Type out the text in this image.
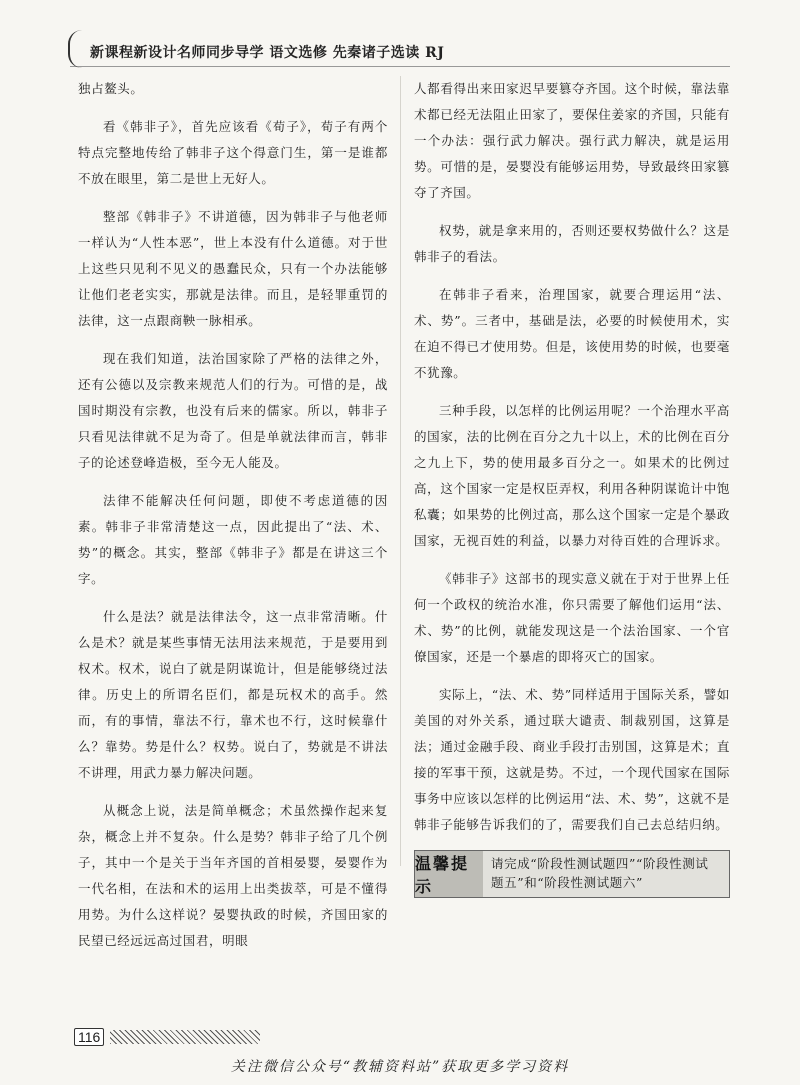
新课程新设计名师同步导学 语文选修 先秦诸子选读 RJ

独占鳌头。

看《韩非子》，首先应该看《荀子》，荀子有两个特点完整地传给了韩非子这个得意门生，第一是谁都不放在眼里，第二是世上无好人。

整部《韩非子》不讲道德，因为韩非子与他老师一样认为“人性本恶”，世上本没有什么道德。对于世上这些只见利不见义的愚蠢民众，只有一个办法能够让他们老老实实，那就是法律。而且，是轻罪重罚的法律，这一点跟商鞅一脉相承。

现在我们知道，法治国家除了严格的法律之外，还有公德以及宗教来规范人们的行为。可惜的是，战国时期没有宗教，也没有后来的儒家。所以，韩非子只看见法律就不足为奇了。但是单就法律而言，韩非子的论述登峰造极，至今无人能及。

法律不能解决任何问题，即使不考虑道德的因素。韩非子非常清楚这一点，因此提出了“法、术、势”的概念。其实，整部《韩非子》都是在讲这三个字。

什么是法？就是法律法令，这一点非常清晰。什么是术？就是某些事情无法用法来规范，于是要用到权术。权术，说白了就是阴谋诡计，但是能够绕过法律。历史上的所谓名臣们，都是玩权术的高手。然而，有的事情，靠法不行，靠术也不行，这时候靠什么？靠势。势是什么？权势。说白了，势就是不讲法不讲理，用武力暴力解决问题。

从概念上说，法是简单概念；术虽然操作起来复杂，概念上并不复杂。什么是势？韩非子给了几个例子，其中一个是关于当年齐国的首相晏婴，晏婴作为一代名相，在法和术的运用上出类拔萃，可是不懂得用势。为什么这样说？晏婴执政的时候，齐国田家的民望已经远远高过国君，明眼

人都看得出来田家迟早要篡夺齐国。这个时候，靠法靠术都已经无法阻止田家了，要保住姜家的齐国，只能有一个办法：强行武力解决。强行武力解决，就是运用势。可惜的是，晏婴没有能够运用势，导致最终田家篡夺了齐国。

权势，就是拿来用的，否则还要权势做什么？这是韩非子的看法。

在韩非子看来，治理国家，就要合理运用“法、术、势”。三者中，基础是法，必要的时候使用术，实在迫不得已才使用势。但是，该使用势的时候，也要毫不犹豫。

三种手段，以怎样的比例运用呢？一个治理水平高的国家，法的比例在百分之九十以上，术的比例在百分之九上下，势的使用最多百分之一。如果术的比例过高，这个国家一定是权臣弄权，利用各种阴谋诡计中饱私囊；如果势的比例过高，那么这个国家一定是个暴政国家，无视百姓的利益，以暴力对待百姓的合理诉求。

《韩非子》这部书的现实意义就在于对于世界上任何一个政权的统治水准，你只需要了解他们运用“法、术、势”的比例，就能发现这是一个法治国家、一个官僚国家，还是一个暴虐的即将灭亡的国家。

实际上，“法、术、势”同样适用于国际关系，譬如美国的对外关系，通过联大谴责、制裁别国，这算是法；通过金融手段、商业手段打击别国，这算是术；直接的军事干预，这就是势。不过，一个现代国家在国际事务中应该以怎样的比例运用“法、术、势”，这就不是韩非子能够告诉我们的了，需要我们自己去总结归纳。

温馨提示
请完成“阶段性测试题四”“阶段性测试题五”和“阶段性测试题六”
116
关注微信公众号“教辅资料站”获取更多学习资料
